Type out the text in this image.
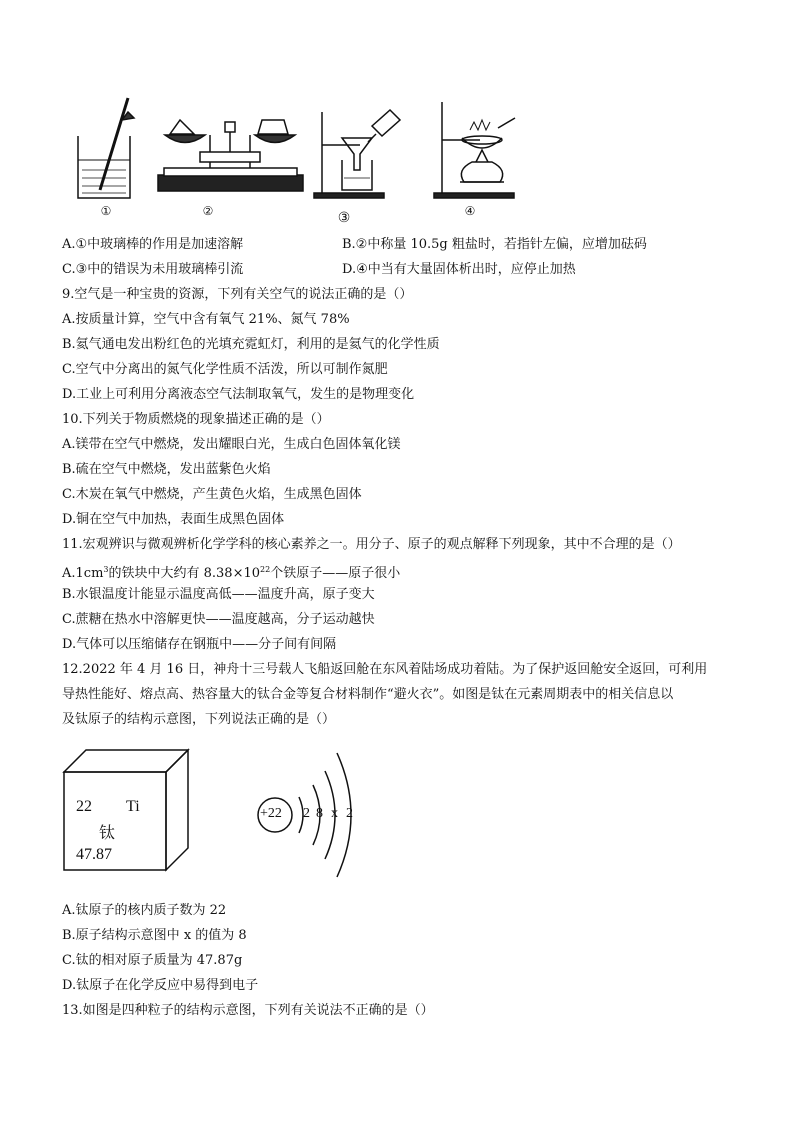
①	②	③	④
A.①中玻璃棒的作用是加速溶解	B.②中称量 10.5g 粗盐时，若指针左偏，应增加砝码
C.③中的错误为未用玻璃棒引流	D.④中当有大量固体析出时，应停止加热
9.空气是一种宝贵的资源，下列有关空气的说法正确的是（）
A.按质量计算，空气中含有氧气 21%、氮气 78%
B.氦气通电发出粉红色的光填充霓虹灯，利用的是氦气的化学性质
C.空气中分离出的氮气化学性质不活泼，所以可制作氮肥
D.工业上可利用分离液态空气法制取氧气，发生的是物理变化
10.下列关于物质燃烧的现象描述正确的是（）
A.镁带在空气中燃烧，发出耀眼白光，生成白色固体氧化镁
B.硫在空气中燃烧，发出蓝紫色火焰
C.木炭在氧气中燃烧，产生黄色火焰，生成黑色固体
D.铜在空气中加热，表面生成黑色固体
11.宏观辨识与微观辨析化学学科的核心素养之一。用分子、原子的观点解释下列现象，其中不合理的是（）
$A.1cm^3$的铁块中大约有 $8.38\times 10^{22}$个铁原子——原子很小
B.水银温度计能显示温度高低——温度升高，原子变大
C.蔗糖在热水中溶解更快——温度越高，分子运动越快
D.气体可以压缩储存在钢瓶中——分子间有间隔
12.2022 年 4 月 16 日，神舟十三号载人飞船返回舱在东风着陆场成功着陆。为了保护返回舱安全返回，可利用
导热性能好、熔点高、热容量大的钛合金等复合材料制作“避火衣”。如图是钛在元素周期表中的相关信息以
及钛原子的结构示意图，下列说法正确的是（）
22 Ti
钛
47.87
+22 2 8 x 2
A.钛原子的核内质子数为 22
B.原子结构示意图中 x 的值为 8
C.钛的相对原子质量为 47.87g
D.钛原子在化学反应中易得到电子
13.如图是四种粒子的结构示意图，下列有关说法不正确的是（）
